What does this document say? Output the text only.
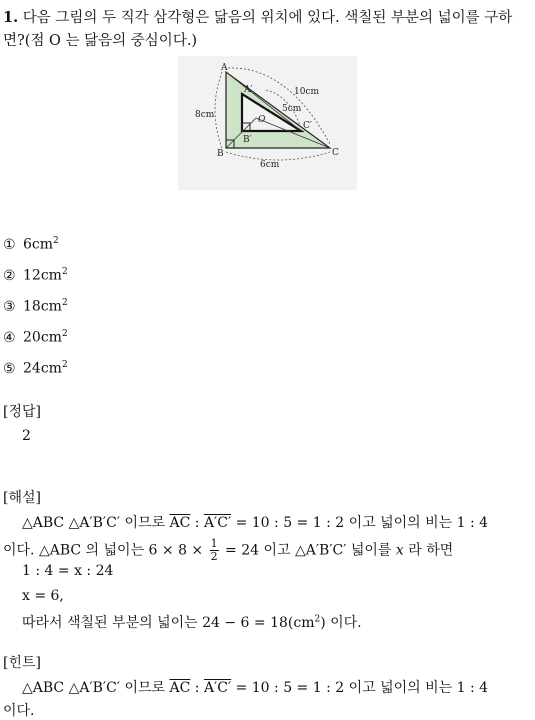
1. 다음 그림의 두 직각 삼각형은 닮음의 위치에 있다. 색칠된 부분의 넓이를 구하면?(점 O 는 닮음의 중심이다.)
A
B	C
A′
B′
C′
O
8cm
6cm
10cm
5cm
① $6cm^2$
② $12cm^2$
③ $18cm^2$
④ $20cm^2$
⑤ $24cm^2$
[정답]
2
[해설]
△ABC △A′B′C′ 이므로 $\overline{AC}$ : A′C′ = 10 : 5 = 1 : 2 이고 넓이의 비는 1 : 4
이다. △ABC 의 넓이는 $6 \times 8 \times \frac{1}{2} = 24$ 이고 △A′B′C′ 넓이를 x 라 하면
1 : 4 = x : 24
x = 6,
따라서 색칠된 부분의 넓이는 $24 - 6 = 18(cm^2)$ 이다.
[힌트]
△ABC △A′B′C′ 이므로 $\overline{AC}$ : A′C′ = 10 : 5 = 1 : 2 이고 넓이의 비는 1 : 4
이다.
